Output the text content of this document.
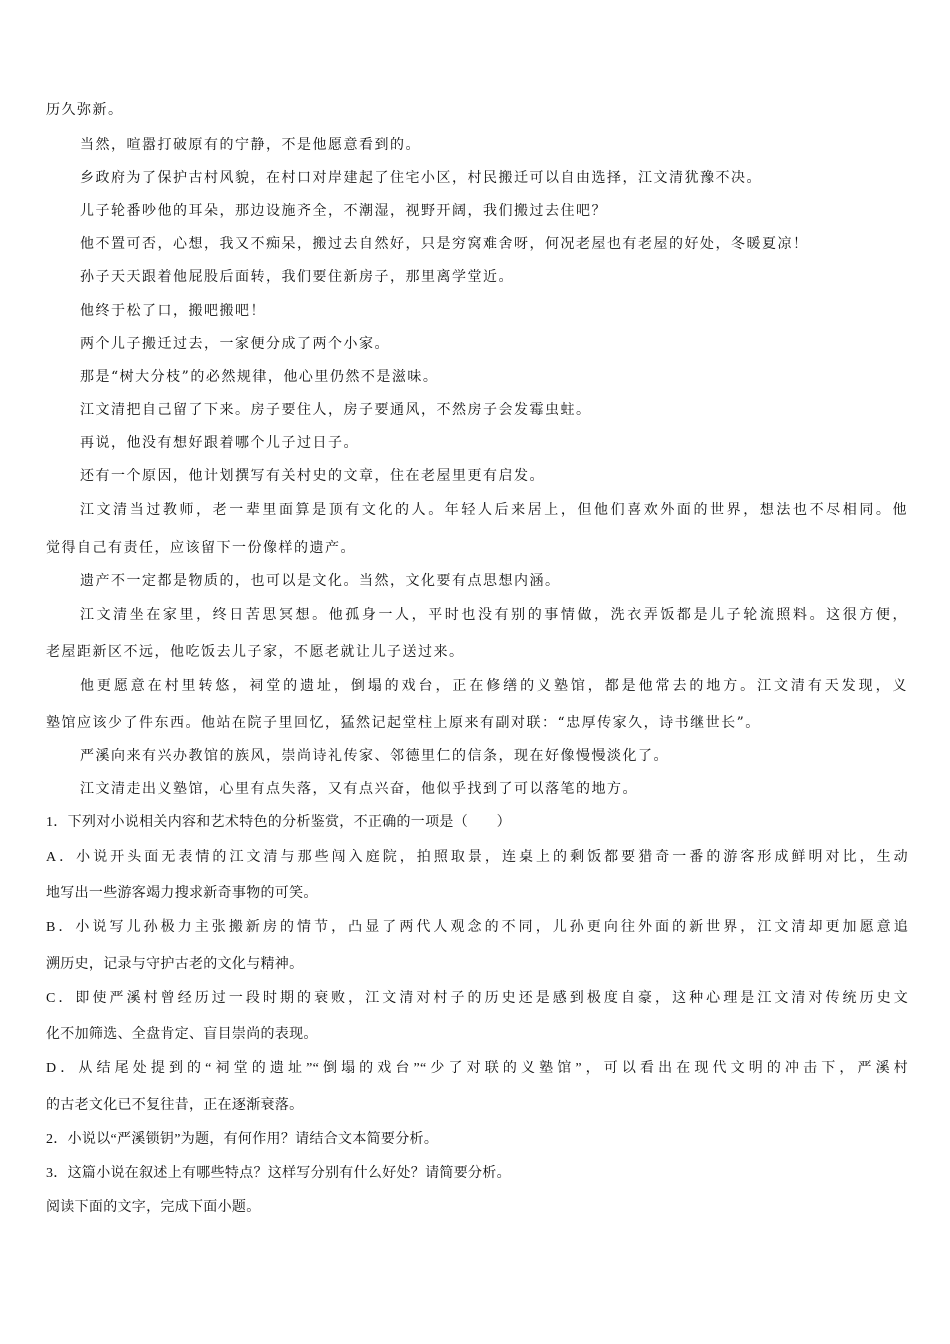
历久弥新。
当然，喧嚣打破原有的宁静，不是他愿意看到的。
乡政府为了保护古村风貌，在村口对岸建起了住宅小区，村民搬迁可以自由选择，江文清犹豫不决。
儿子轮番吵他的耳朵，那边设施齐全，不潮湿，视野开阔，我们搬过去住吧？
他不置可否，心想，我又不痴呆，搬过去自然好，只是穷窝难舍呀，何况老屋也有老屋的好处，冬暖夏凉！
孙子天天跟着他屁股后面转，我们要住新房子，那里离学堂近。
他终于松了口，搬吧搬吧！
两个儿子搬迁过去，一家便分成了两个小家。
那是“树大分枝”的必然规律，他心里仍然不是滋味。
江文清把自己留了下来。房子要住人，房子要通风，不然房子会发霉虫蛀。
再说，他没有想好跟着哪个儿子过日子。
还有一个原因，他计划撰写有关村史的文章，住在老屋里更有启发。
江文清当过教师，老一辈里面算是顶有文化的人。年轻人后来居上，但他们喜欢外面的世界，想法也不尽相同。他
觉得自己有责任，应该留下一份像样的遗产。
遗产不一定都是物质的，也可以是文化。当然，文化要有点思想内涵。
江文清坐在家里，终日苦思冥想。他孤身一人，平时也没有别的事情做，洗衣弄饭都是儿子轮流照料。这很方便，
老屋距新区不远，他吃饭去儿子家，不愿老就让儿子送过来。
他更愿意在村里转悠，祠堂的遗址，倒塌的戏台，正在修缮的义塾馆，都是他常去的地方。江文清有天发现，义
塾馆应该少了件东西。他站在院子里回忆，猛然记起堂柱上原来有副对联：“忠厚传家久，诗书继世长”。
严溪向来有兴办教馆的族风，崇尚诗礼传家、邻德里仁的信条，现在好像慢慢淡化了。
江文清走出义塾馆，心里有点失落，又有点兴奋，他似乎找到了可以落笔的地方。
1．下列对小说相关内容和艺术特色的分析鉴赏，不正确的一项是（　　）
A．小说开头面无表情的江文清与那些闯入庭院，拍照取景，连桌上的剩饭都要猎奇一番的游客形成鲜明对比，生动
地写出一些游客竭力搜求新奇事物的可笑。
B．小说写儿孙极力主张搬新房的情节，凸显了两代人观念的不同，儿孙更向往外面的新世界，江文清却更加愿意追
溯历史，记录与守护古老的文化与精神。
C．即使严溪村曾经历过一段时期的衰败，江文清对村子的历史还是感到极度自豪，这种心理是江文清对传统历史文
化不加筛选、全盘肯定、盲目崇尚的表现。
D．从结尾处提到的“祠堂的遗址”“倒塌的戏台”“少了对联的义塾馆”，可以看出在现代文明的冲击下，严溪村
的古老文化已不复往昔，正在逐渐衰落。
2．小说以“严溪锁钥”为题，有何作用？请结合文本简要分析。
3．这篇小说在叙述上有哪些特点？这样写分别有什么好处？请简要分析。
阅读下面的文字，完成下面小题。
